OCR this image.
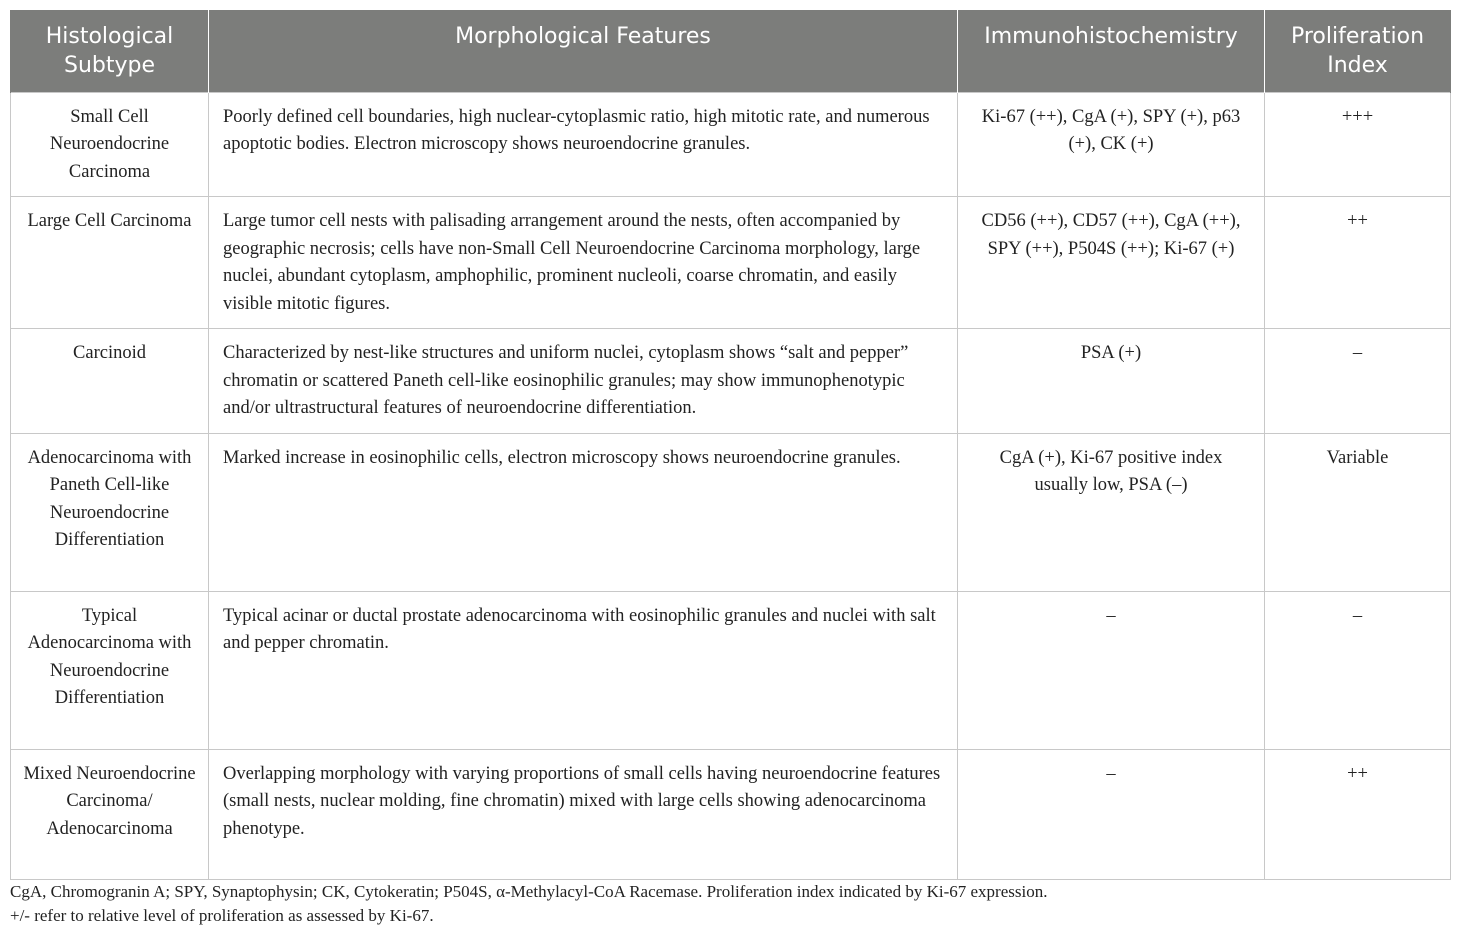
Histological Subtype	Morphological Features	Immunohistochemistry	Proliferation Index
Small Cell Neuroendocrine Carcinoma	Poorly defined cell boundaries, high nuclear-cytoplasmic ratio, high mitotic rate, and numerous apoptotic bodies. Electron microscopy shows neuroendocrine granules.	Ki-67 (++), CgA (+), SPY (+), p63 (+), CK (+)	+++
Large Cell Carcinoma	Large tumor cell nests with palisading arrangement around the nests, often accompanied by geographic necrosis; cells have non-Small Cell Neuroendocrine Carcinoma morphology, large nuclei, abundant cytoplasm, amphophilic, prominent nucleoli, coarse chromatin, and easily visible mitotic figures.	CD56 (++), CD57 (++), CgA (++), SPY (++), P504S (++); Ki-67 (+)	++
Carcinoid	Characterized by nest-like structures and uniform nuclei, cytoplasm shows “salt and pepper” chromatin or scattered Paneth cell-like eosinophilic granules; may show immunophenotypic and/or ultrastructural features of neuroendocrine differentiation.	PSA (+)	–
Adenocarcinoma with Paneth Cell-like Neuroendocrine Differentiation	Marked increase in eosinophilic cells, electron microscopy shows neuroendocrine granules.	CgA (+), Ki-67 positive index usually low, PSA (–)	Variable
Typical Adenocarcinoma with Neuroendocrine Differentiation	Typical acinar or ductal prostate adenocarcinoma with eosinophilic granules and nuclei with salt and pepper chromatin.	–	–
Mixed Neuroendocrine Carcinoma/ Adenocarcinoma	Overlapping morphology with varying proportions of small cells having neuroendocrine features (small nests, nuclear molding, fine chromatin) mixed with large cells showing adenocarcinoma phenotype.	–	++
CgA, Chromogranin A; SPY, Synaptophysin; CK, Cytokeratin; P504S, α-Methylacyl-CoA Racemase. Proliferation index indicated by Ki-67 expression.
+/- refer to relative level of proliferation as assessed by Ki-67.
